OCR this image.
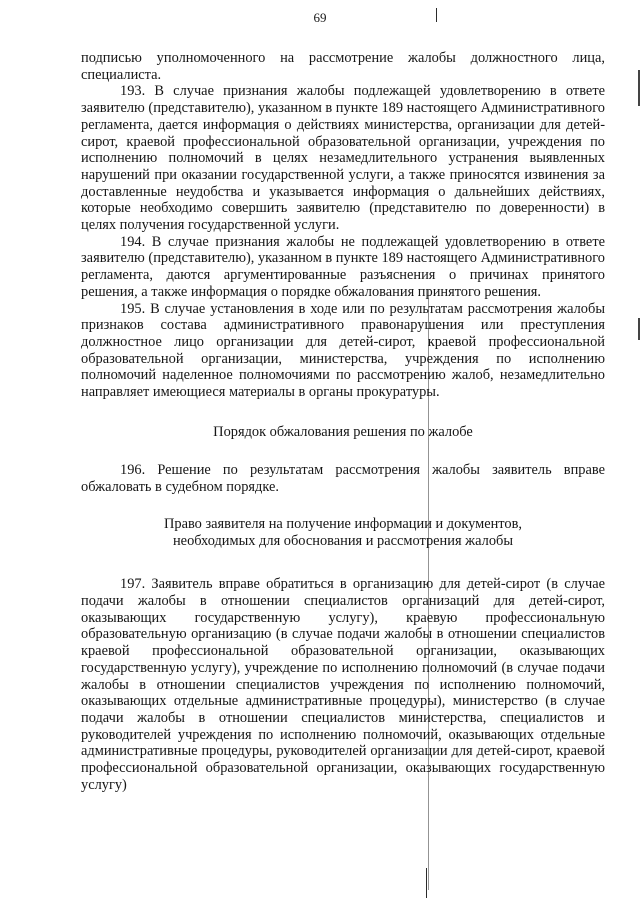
69

подписью уполномоченного на рассмотрение жалобы должностного лица, специалиста.

193. В случае признания жалобы подлежащей удовлетворению в ответе заявителю (представителю), указанном в пункте 189 настоящего Административного регламента, дается информация о действиях министерства, организации для детей-сирот, краевой профессиональной образовательной организации, учреждения по исполнению полномочий в целях незамедлительного устранения выявленных нарушений при оказании государственной услуги, а также приносятся извинения за доставленные неудобства и указывается информация о дальнейших действиях, которые необходимо совершить заявителю (представителю по доверенности) в целях получения государственной услуги.

194. В случае признания жалобы не подлежащей удовлетворению в ответе заявителю (представителю), указанном в пункте 189 настоящего Административного регламента, даются аргументированные разъяснения о причинах принятого решения, а также информация о порядке обжалования принятого решения.

195. В случае установления в ходе или по результатам рассмотрения жалобы признаков состава административного правонарушения или преступления должностное лицо организации для детей-сирот, краевой профессиональной образовательной организации, министерства, учреждения по исполнению полномочий наделенное полномочиями по рассмотрению жалоб, незамедлительно направляет имеющиеся материалы в органы прокуратуры.

Порядок обжалования решения по жалобе

196. Решение по результатам рассмотрения жалобы заявитель вправе обжаловать в судебном порядке.

Право заявителя на получение информации и документов,

необходимых для обоснования и рассмотрения жалобы

197. Заявитель вправе обратиться в организацию для детей-сирот (в случае подачи жалобы в отношении специалистов организаций для детей-сирот, оказывающих государственную услугу), краевую профессиональную образовательную организацию (в случае подачи жалобы в отношении специалистов краевой профессиональной образовательной организации, оказывающих государственную услугу), учреждение по исполнению полномочий (в случае подачи жалобы в отношении специалистов учреждения по исполнению полномочий, оказывающих отдельные административные процедуры), министерство (в случае подачи жалобы в отношении специалистов министерства, специалистов и руководителей учреждения по исполнению полномочий, оказывающих отдельные административные процедуры, руководителей организации для детей-сирот, краевой профессиональной образовательной организации, оказывающих государственную услугу)
